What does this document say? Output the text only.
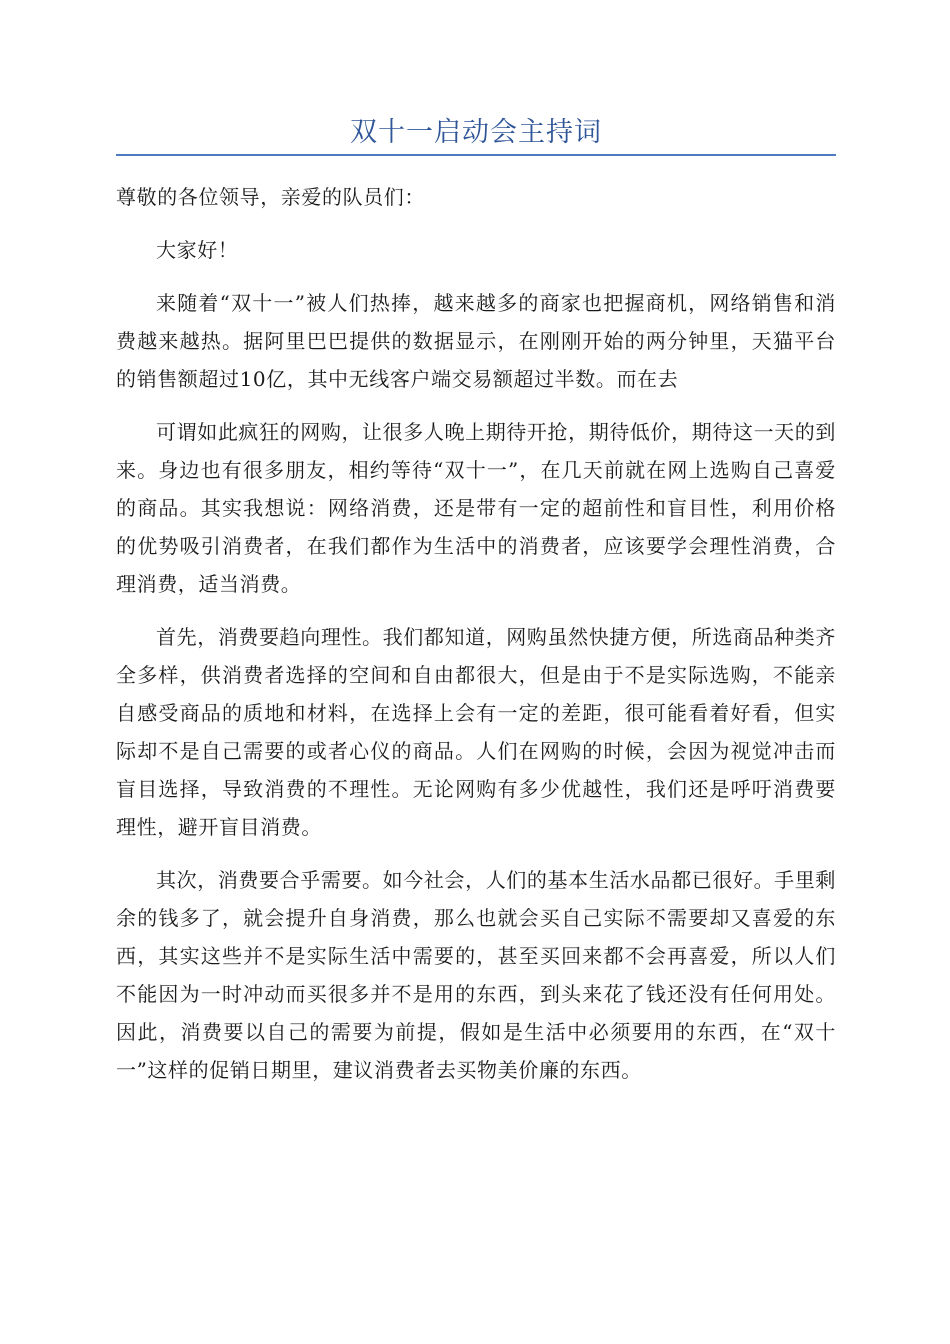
双十一启动会主持词

尊敬的各位领导，亲爱的队员们：

大家好！

来随着“双十一”被人们热捧，越来越多的商家也把握商机，网络销售和消费越来越热。据阿里巴巴提供的数据显示，在刚刚开始的两分钟里，天猫平台的销售额超过10亿，其中无线客户端交易额超过半数。而在去

可谓如此疯狂的网购，让很多人晚上期待开抢，期待低价，期待这一天的到来。身边也有很多朋友，相约等待“双十一”，在几天前就在网上选购自己喜爱的商品。其实我想说：网络消费，还是带有一定的超前性和盲目性，利用价格的优势吸引消费者，在我们都作为生活中的消费者，应该要学会理性消费，合理消费，适当消费。

首先，消费要趋向理性。我们都知道，网购虽然快捷方便，所选商品种类齐全多样，供消费者选择的空间和自由都很大，但是由于不是实际选购，不能亲自感受商品的质地和材料，在选择上会有一定的差距，很可能看着好看，但实际却不是自己需要的或者心仪的商品。人们在网购的时候，会因为视觉冲击而盲目选择，导致消费的不理性。无论网购有多少优越性，我们还是呼吁消费要理性，避开盲目消费。

其次，消费要合乎需要。如今社会，人们的基本生活水品都已很好。手里剩余的钱多了，就会提升自身消费，那么也就会买自己实际不需要却又喜爱的东西，其实这些并不是实际生活中需要的，甚至买回来都不会再喜爱，所以人们不能因为一时冲动而买很多并不是用的东西，到头来花了钱还没有任何用处。因此，消费要以自己的需要为前提，假如是生活中必须要用的东西，在“双十一”这样的促销日期里，建议消费者去买物美价廉的东西。
